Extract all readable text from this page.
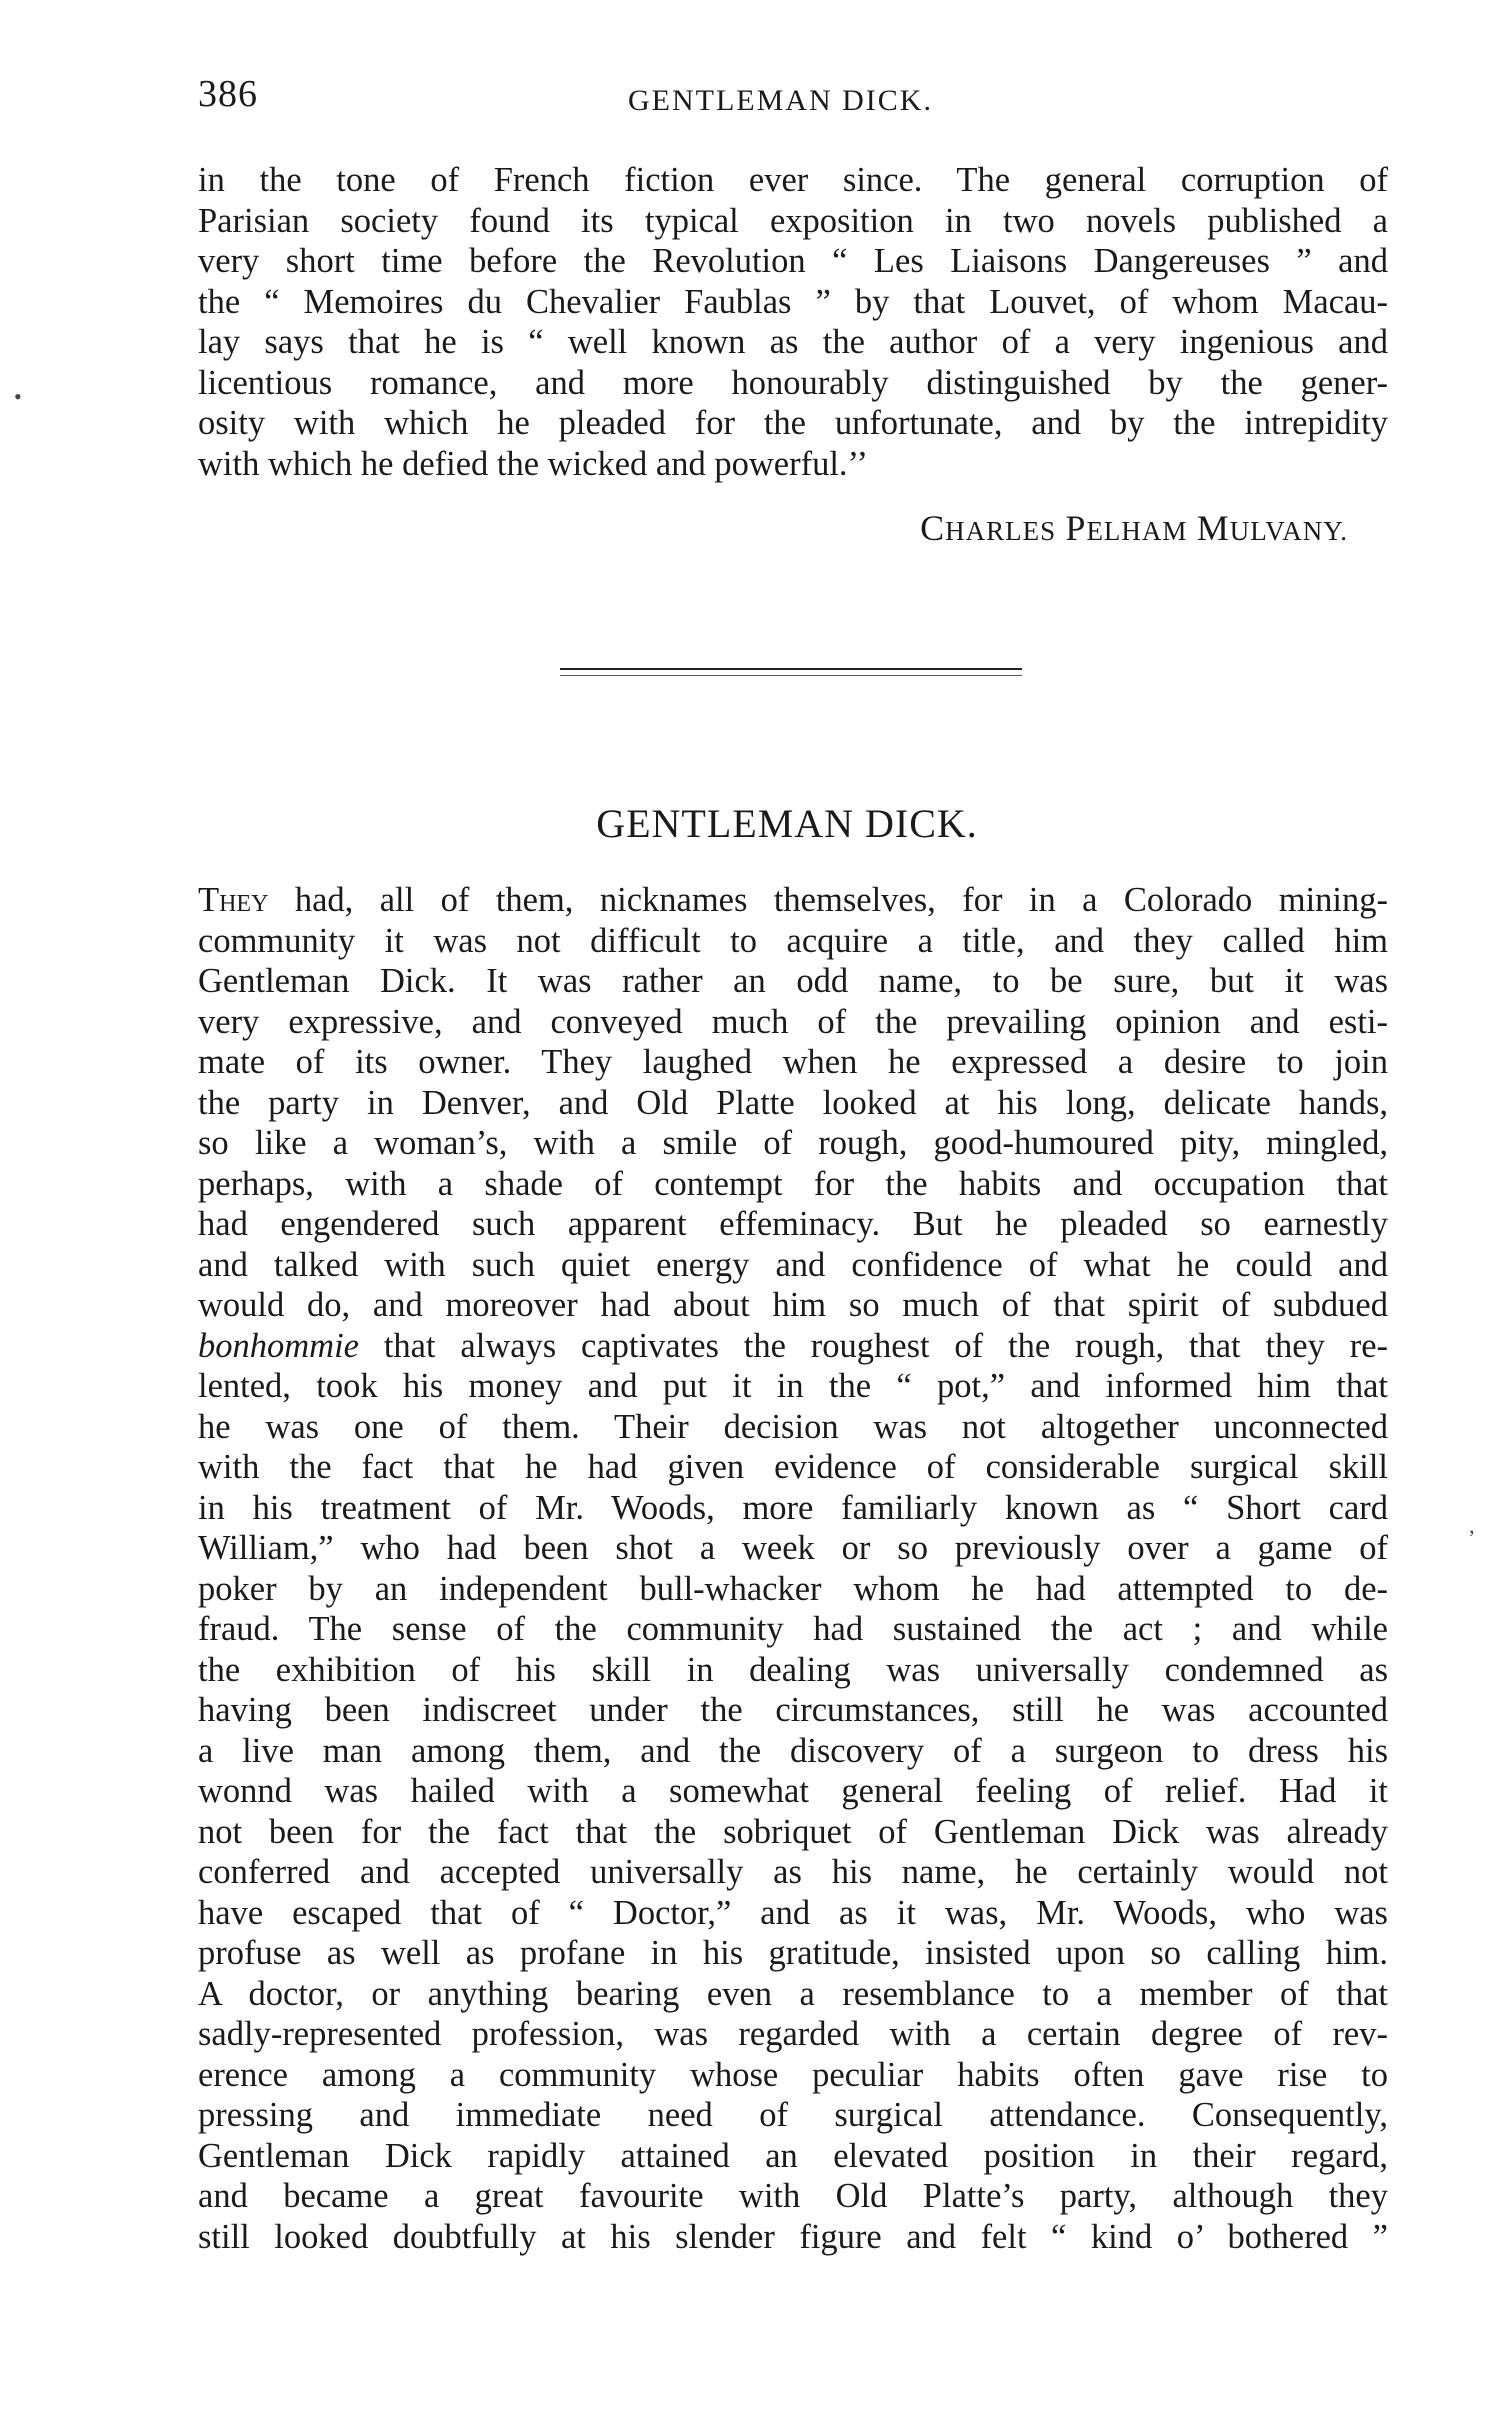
386	GENTLEMAN DICK.
in the tone of French fiction ever since. The general corruption of
Parisian society found its typical exposition in two novels published a
very short time before the Revolution “ Les Liaisons Dangereuses ” and
the “ Memoires du Chevalier Faublas ” by that Louvet, of whom Macau-
lay says that he is “ well known as the author of a very ingenious and
licentious romance, and more honourably distinguished by the gener-
osity with which he pleaded for the unfortunate, and by the intrepidity
with which he defied the wicked and powerful.’’
CHARLES PELHAM MULVANY.
GENTLEMAN DICK.
They had, all of them, nicknames themselves, for in a Colorado mining-
community it was not difficult to acquire a title, and they called him
Gentleman Dick. It was rather an odd name, to be sure, but it was
very expressive, and conveyed much of the prevailing opinion and esti-
mate of its owner. They laughed when he expressed a desire to join
the party in Denver, and Old Platte looked at his long, delicate hands,
so like a woman’s, with a smile of rough, good-humoured pity, mingled,
perhaps, with a shade of contempt for the habits and occupation that
had engendered such apparent effeminacy. But he pleaded so earnestly
and talked with such quiet energy and confidence of what he could and
would do, and moreover had about him so much of that spirit of subdued
bonhommie that always captivates the roughest of the rough, that they re-
lented, took his money and put it in the “ pot,” and informed him that
he was one of them. Their decision was not altogether unconnected
with the fact that he had given evidence of considerable surgical skill
in his treatment of Mr. Woods, more familiarly known as “ Short card
William,” who had been shot a week or so previously over a game of
poker by an independent bull-whacker whom he had attempted to de-
fraud. The sense of the community had sustained the act ; and while
the exhibition of his skill in dealing was universally condemned as
having been indiscreet under the circumstances, still he was accounted
a live man among them, and the discovery of a surgeon to dress his
wonnd was hailed with a somewhat general feeling of relief. Had it
not been for the fact that the sobriquet of Gentleman Dick was already
conferred and accepted universally as his name, he certainly would not
have escaped that of “ Doctor,” and as it was, Mr. Woods, who was
profuse as well as profane in his gratitude, insisted upon so calling him.
A doctor, or anything bearing even a resemblance to a member of that
sadly-represented profession, was regarded with a certain degree of rev-
erence among a community whose peculiar habits often gave rise to
pressing and immediate need of surgical attendance. Consequently,
Gentleman Dick rapidly attained an elevated position in their regard,
and became a great favourite with Old Platte’s party, although they
still looked doubtfully at his slender figure and felt “ kind o’ bothered ”
•
’
